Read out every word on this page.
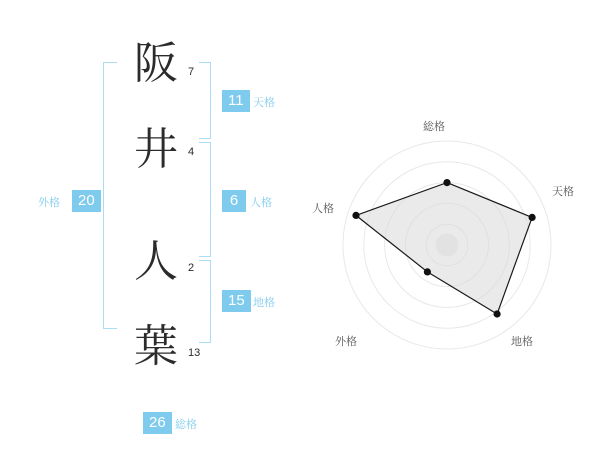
阪
井
人
葉
7
4
2
13
11 天格
6	人格
15 地格
外格	20
26 総格
総格
天格
地格
外格
人格
